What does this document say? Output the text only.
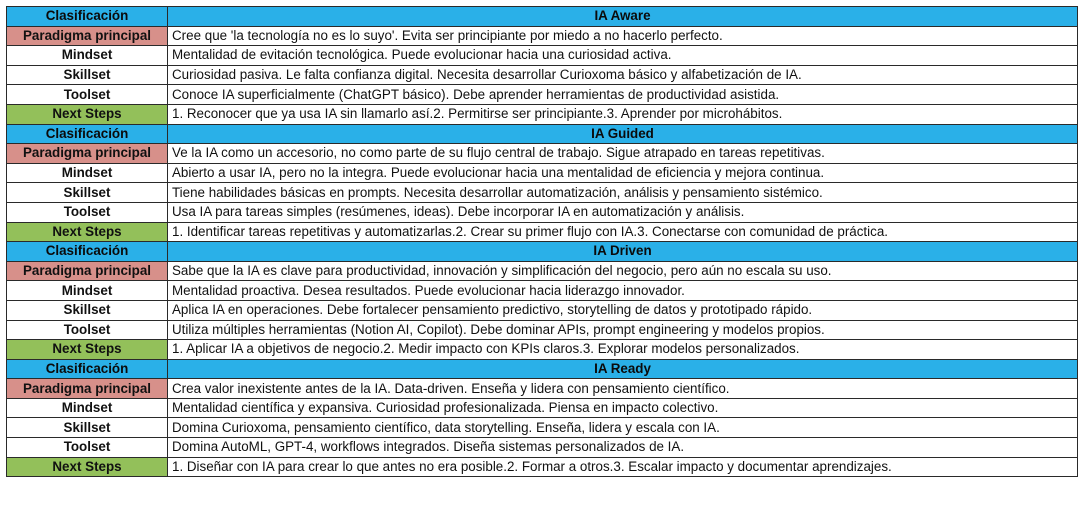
Clasificación	IA Aware
Paradigma principal	Cree que 'la tecnología no es lo suyo'. Evita ser principiante por miedo a no hacerlo perfecto.
Mindset	Mentalidad de evitación tecnológica. Puede evolucionar hacia una curiosidad activa.
Skillset	Curiosidad pasiva. Le falta confianza digital. Necesita desarrollar Curioxoma básico y alfabetización de IA.
Toolset	Conoce IA superficialmente (ChatGPT básico). Debe aprender herramientas de productividad asistida.
Next Steps	1. Reconocer que ya usa IA sin llamarlo así.2. Permitirse ser principiante.3. Aprender por microhábitos.
Clasificación	IA Guided
Paradigma principal	Ve la IA como un accesorio, no como parte de su flujo central de trabajo. Sigue atrapado en tareas repetitivas.
Mindset	Abierto a usar IA, pero no la integra. Puede evolucionar hacia una mentalidad de eficiencia y mejora continua.
Skillset	Tiene habilidades básicas en prompts. Necesita desarrollar automatización, análisis y pensamiento sistémico.
Toolset	Usa IA para tareas simples (resúmenes, ideas). Debe incorporar IA en automatización y análisis.
Next Steps	1. Identificar tareas repetitivas y automatizarlas.2. Crear su primer flujo con IA.3. Conectarse con comunidad de práctica.
Clasificación	IA Driven
Paradigma principal	Sabe que la IA es clave para productividad, innovación y simplificación del negocio, pero aún no escala su uso.
Mindset	Mentalidad proactiva. Desea resultados. Puede evolucionar hacia liderazgo innovador.
Skillset	Aplica IA en operaciones. Debe fortalecer pensamiento predictivo, storytelling de datos y prototipado rápido.
Toolset	Utiliza múltiples herramientas (Notion AI, Copilot). Debe dominar APIs, prompt engineering y modelos propios.
Next Steps	1. Aplicar IA a objetivos de negocio.2. Medir impacto con KPIs claros.3. Explorar modelos personalizados.
Clasificación	IA Ready
Paradigma principal	Crea valor inexistente antes de la IA. Data-driven. Enseña y lidera con pensamiento científico.
Mindset	Mentalidad científica y expansiva. Curiosidad profesionalizada. Piensa en impacto colectivo.
Skillset	Domina Curioxoma, pensamiento científico, data storytelling. Enseña, lidera y escala con IA.
Toolset	Domina AutoML, GPT-4, workflows integrados. Diseña sistemas personalizados de IA.
Next Steps	1. Diseñar con IA para crear lo que antes no era posible.2. Formar a otros.3. Escalar impacto y documentar aprendizajes.
